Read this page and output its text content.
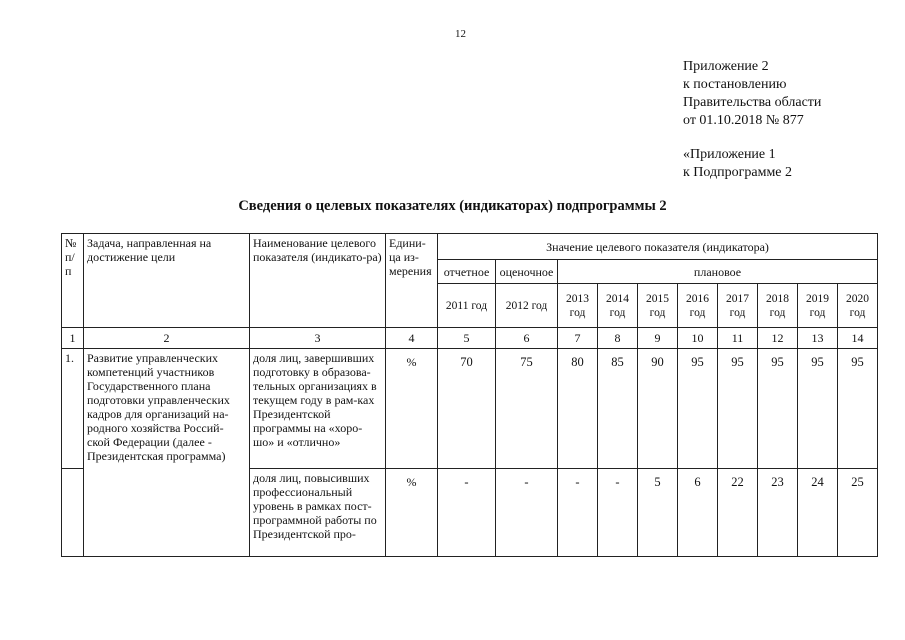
12
Приложение 2
к постановлению
Правительства области
от 01.10.2018 № 877
«Приложение 1
к Подпрограмме 2
Сведения о целевых показателях (индикаторах) подпрограммы 2
№ п/п	Задача, направленная на достижение цели	Наименование целевого показателя (индикато-ра)	Едини-ца из-мерения	Значение целевого показателя (индикатора)									
				отчетное	оценочное	плановое							
				2011 год	2012 год	2013 год	2014 год	2015 год	2016 год	2017 год	2018 год	2019 год	2020 год
1	2	3	4	5	6	7	8	9	10	11	12	13	14
1.	Развитие управленческих компетенций участников Государственного плана подготовки управленческих кадров для организаций на-родного хозяйства Россий-ской Федерации (далее - Президентская программа)	доля лиц, завершивших подготовку в образова-тельных организациях в текущем году в рам-ках Президентской программы на «хоро-шо» и «отлично»	%	70	75	80	85	90	95	95	95	95	95
		доля лиц, повысивших профессиональный уровень в рамках пост-программной работы по Президентской про-	%	-	-	-	-	5	6	22	23	24	25
